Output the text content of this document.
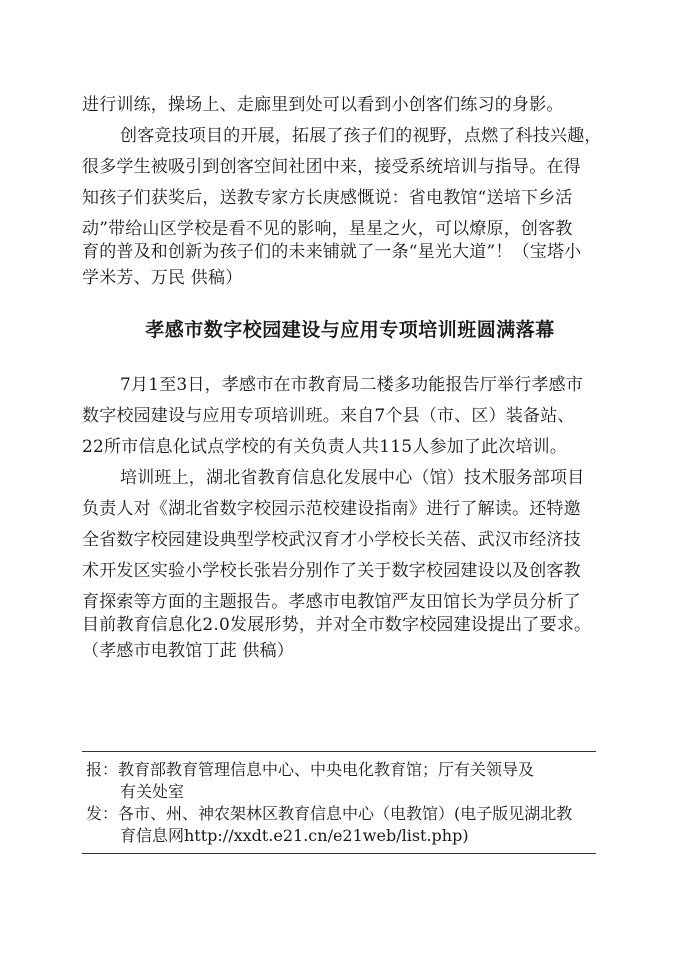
进行训练，操场上、走廊里到处可以看到小创客们练习的身影。
创客竞技项目的开展，拓展了孩子们的视野，点燃了科技兴趣，
很多学生被吸引到创客空间社团中来，接受系统培训与指导。在得
知孩子们获奖后，送教专家方长庚感慨说：省电教馆“送培下乡活
动”带给山区学校是看不见的影响，星星之火，可以燎原，创客教
育的普及和创新为孩子们的未来铺就了一条“星光大道”！（宝塔小
学米芳、万民 供稿）
孝感市数字校园建设与应用专项培训班圆满落幕
7月1至3日，孝感市在市教育局二楼多功能报告厅举行孝感市
数字校园建设与应用专项培训班。来自7个县（市、区）装备站、
22所市信息化试点学校的有关负责人共115人参加了此次培训。
培训班上，湖北省教育信息化发展中心（馆）技术服务部项目
负责人对《湖北省数字校园示范校建设指南》进行了解读。还特邀
全省数字校园建设典型学校武汉育才小学校长关蓓、武汉市经济技
术开发区实验小学校长张岩分别作了关于数字校园建设以及创客教
育探索等方面的主题报告。孝感市电教馆严友田馆长为学员分析了
目前教育信息化2.0发展形势，并对全市数字校园建设提出了要求。
（孝感市电教馆丁茈 供稿）
报：教育部教育管理信息中心、中央电化教育馆；厅有关领导及
有关处室
发：各市、州、神农架林区教育信息中心（电教馆）(电子版见湖北教
育信息网http://xxdt.e21.cn/e21web/list.php)
